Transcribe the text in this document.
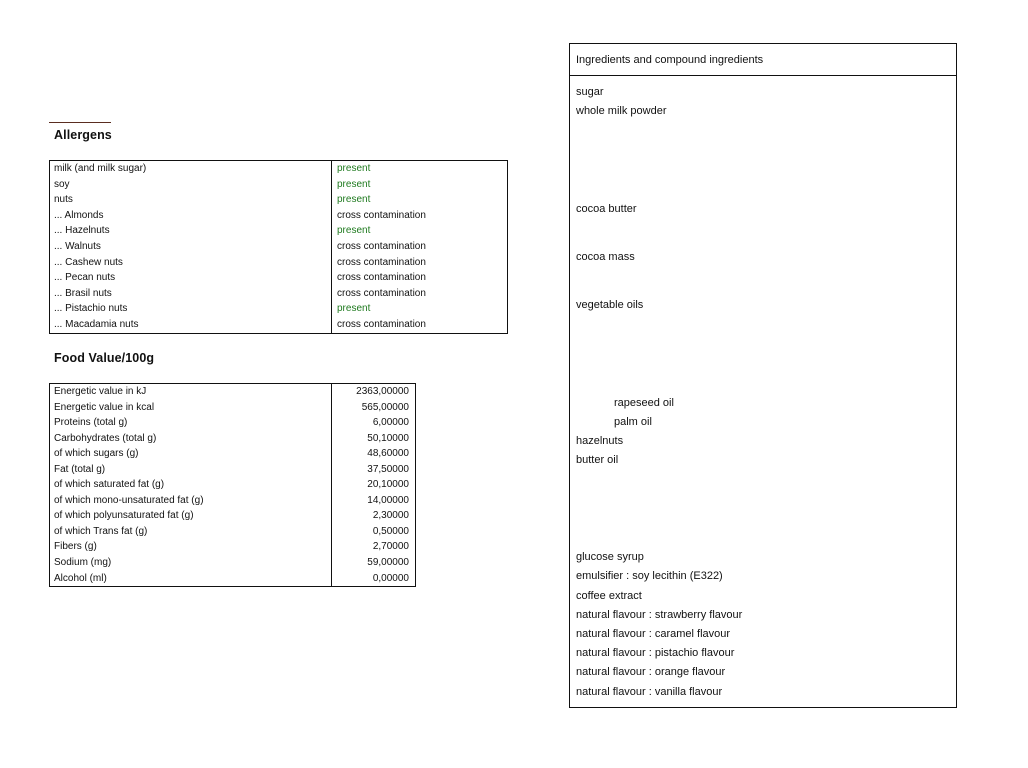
Allergens
milk (and milk sugar)	present
soy	present
nuts	present
... Almonds	cross contamination
... Hazelnuts	present
... Walnuts	cross contamination
... Cashew nuts	cross contamination
... Pecan nuts	cross contamination
... Brasil nuts	cross contamination
... Pistachio nuts	present
... Macadamia nuts	cross contamination
Food Value/100g
Energetic value in kJ	2363,00000
Energetic value in kcal	565,00000
Proteins (total g)	6,00000
Carbohydrates (total g)	50,10000
of which sugars (g)	48,60000
Fat (total g)	37,50000
of which saturated fat (g)	20,10000
of which mono-unsaturated fat (g)	14,00000
of which polyunsaturated fat (g)	2,30000
of which Trans fat (g)	0,50000
Fibers (g)	2,70000
Sodium (mg)	59,00000
Alcohol (ml)	0,00000
Ingredients and compound ingredients
sugar
whole milk powder
cocoa butter
cocoa mass
vegetable oils
rapeseed oil
palm oil
hazelnuts
butter oil
glucose syrup
emulsifier : soy lecithin (E322)
coffee extract
natural flavour : strawberry flavour
natural flavour : caramel flavour
natural flavour : pistachio flavour
natural flavour : orange flavour
natural flavour : vanilla flavour
